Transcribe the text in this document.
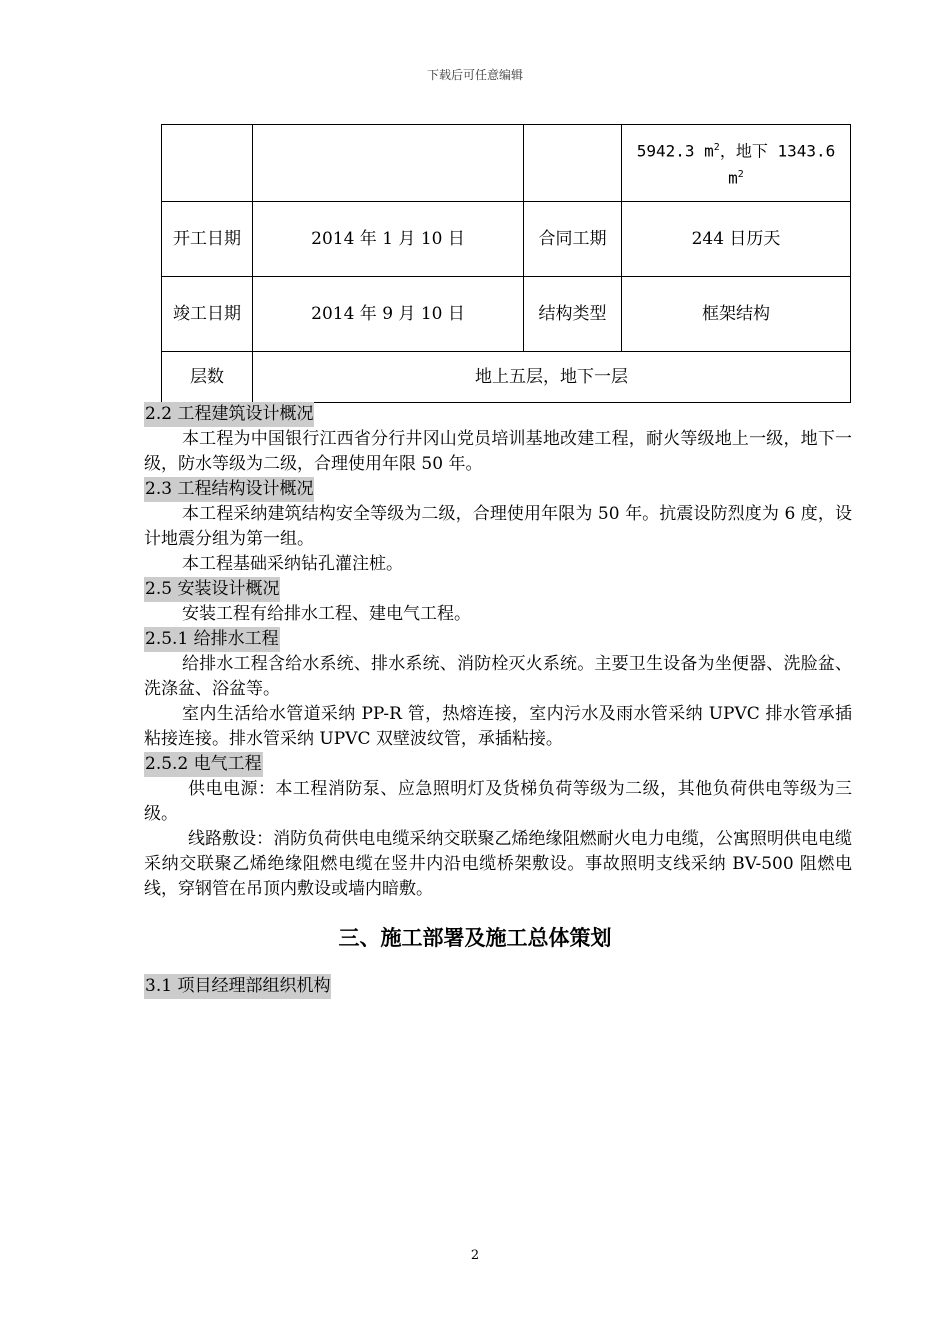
下载后可任意编辑
			5942.3 $m^2$，地下 1343.6
$m^2$
开工日期	2014 年 1 月 10 日	合同工期	244 日历天
竣工日期	2014 年 9 月 10 日	结构类型	框架结构
层数	地上五层，地下一层		
2.2 工程建筑设计概况

本工程为中国银行江西省分行井冈山党员培训基地改建工程，耐火等级地上一级，地下一级，防水等级为二级，合理使用年限 50 年。

2.3 工程结构设计概况

本工程采纳建筑结构安全等级为二级，合理使用年限为 50 年。抗震设防烈度为 6 度，设计地震分组为第一组。

本工程基础采纳钻孔灌注桩。

2.5 安装设计概况

安装工程有给排水工程、建电气工程。

2.5.1 给排水工程

给排水工程含给水系统、排水系统、消防栓灭火系统。主要卫生设备为坐便器、洗脸盆、洗涤盆、浴盆等。

室内生活给水管道采纳 PP-R 管，热熔连接，室内污水及雨水管采纳 UPVC 排水管承插粘接连接。排水管采纳 UPVC 双壁波纹管，承插粘接。

2.5.2 电气工程

供电电源：本工程消防泵、应急照明灯及货梯负荷等级为二级，其他负荷供电等级为三级。

线路敷设：消防负荷供电电缆采纳交联聚乙烯绝缘阻燃耐火电力电缆，公寓照明供电电缆采纳交联聚乙烯绝缘阻燃电缆在竖井内沿电缆桥架敷设。事故照明支线采纳 BV-500 阻燃电线，穿钢管在吊顶内敷设或墙内暗敷。

三、施工部署及施工总体策划
3.1 项目经理部组织机构
2
